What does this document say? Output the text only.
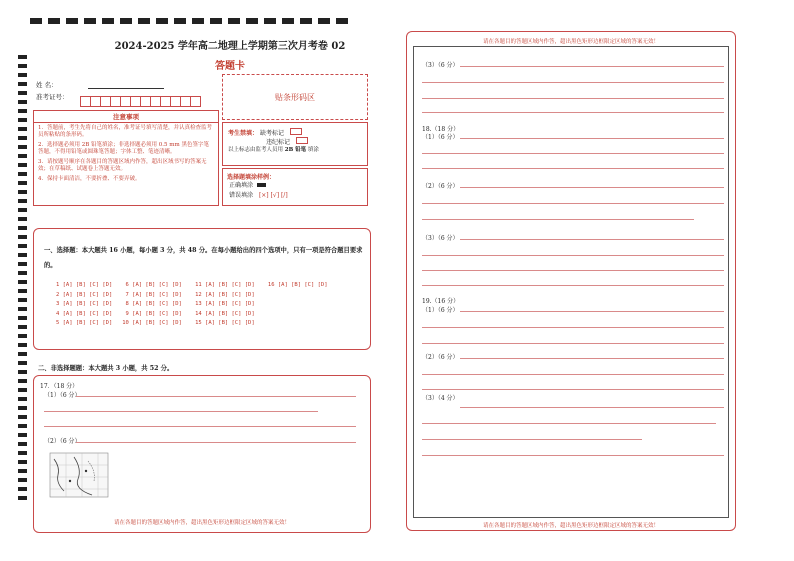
2024-2025 学年高二地理上学期第三次月考卷 02
答题卡
姓 名：
准考证号：	贴条形码区
注意事项
1．答题前，考生先将自己的姓名，准考证号填写清楚，并认真检查监考员所粘贴的条形码。
2．选择题必须用 2B 铅笔填涂；非选择题必须用 0.5 mm 黑色签字笔答题，不得用铅笔或圆珠笔答题；字体工整、笔迹清晰。
3．请按题号顺序在各题目的答题区域内作答，超出区域书写的答案无效；在草稿纸、试题卷上答题无效。
4．保持卡面清洁，不要折叠、不要弄破。
考生禁填： 缺考标记
违纪标记
以上标志由监考人员用 2B 铅笔 填涂
选择题填涂样例：
正确填涂
错误填涂 [×] [√] [/]
一、选择题：本大题共 16 小题，每小题 3 分，共 48 分。在每小题给出的四个选项中，只有一项是符合题目要求的。
1 [A] [B] [C] [D]    6 [A] [B] [C] [D]    11 [A] [B] [C] [D]    16 [A] [B] [C] [D]
2 [A] [B] [C] [D]    7 [A] [B] [C] [D]    12 [A] [B] [C] [D]
3 [A] [B] [C] [D]    8 [A] [B] [C] [D]    13 [A] [B] [C] [D]
4 [A] [B] [C] [D]    9 [A] [B] [C] [D]    14 [A] [B] [C] [D]
5 [A] [B] [C] [D]   10 [A] [B] [C] [D]    15 [A] [B] [C] [D]
二、非选择题题：本大题共 3 小题，共 52 分。
17．（18 分）
（1）（6 分）
（2）（6 分）
请在各题目的答题区域内作答，超出黑色矩形边框限定区域的答案无效！
请在各题目的答题区域内作答，超出黑色矩形边框限定区域的答案无效！
（3）（6 分）
18.（18 分）
（1）（6 分）
（2）（6 分）
（3）（6 分）
19.（16 分）
（1）（6 分）
（2）（6 分）
（3）（4 分）
请在各题目的答题区域内作答，超出黑色矩形边框限定区域的答案无效！
